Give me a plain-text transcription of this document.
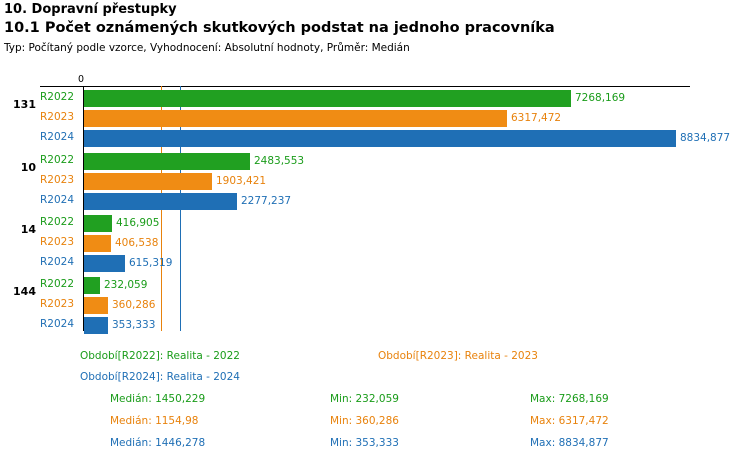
10. Dopravní přestupky
10.1 Počet oznámených skutkových podstat na jednoho pracovníka
Typ: Počítaný podle vzorce, Vyhodnocení: Absolutní hodnoty, Průměr: Medián
0
131
R2022	7268,169
R2023	6317,472
R2024	8834,877
10
R2022	2483,553
R2023	1903,421
R2024	2277,237
14
R2022	416,905
R2023	406,538
R2024	615,319
144
R2022	232,059
R2023	360,286
R2024	353,333
Období[R2022]: Realita - 2022	Období[R2023]: Realita - 2023
Období[R2024]: Realita - 2024
Medián: 1450,229	Min: 232,059	Max: 7268,169
Medián: 1154,98	Min: 360,286	Max: 6317,472
Medián: 1446,278	Min: 353,333	Max: 8834,877
